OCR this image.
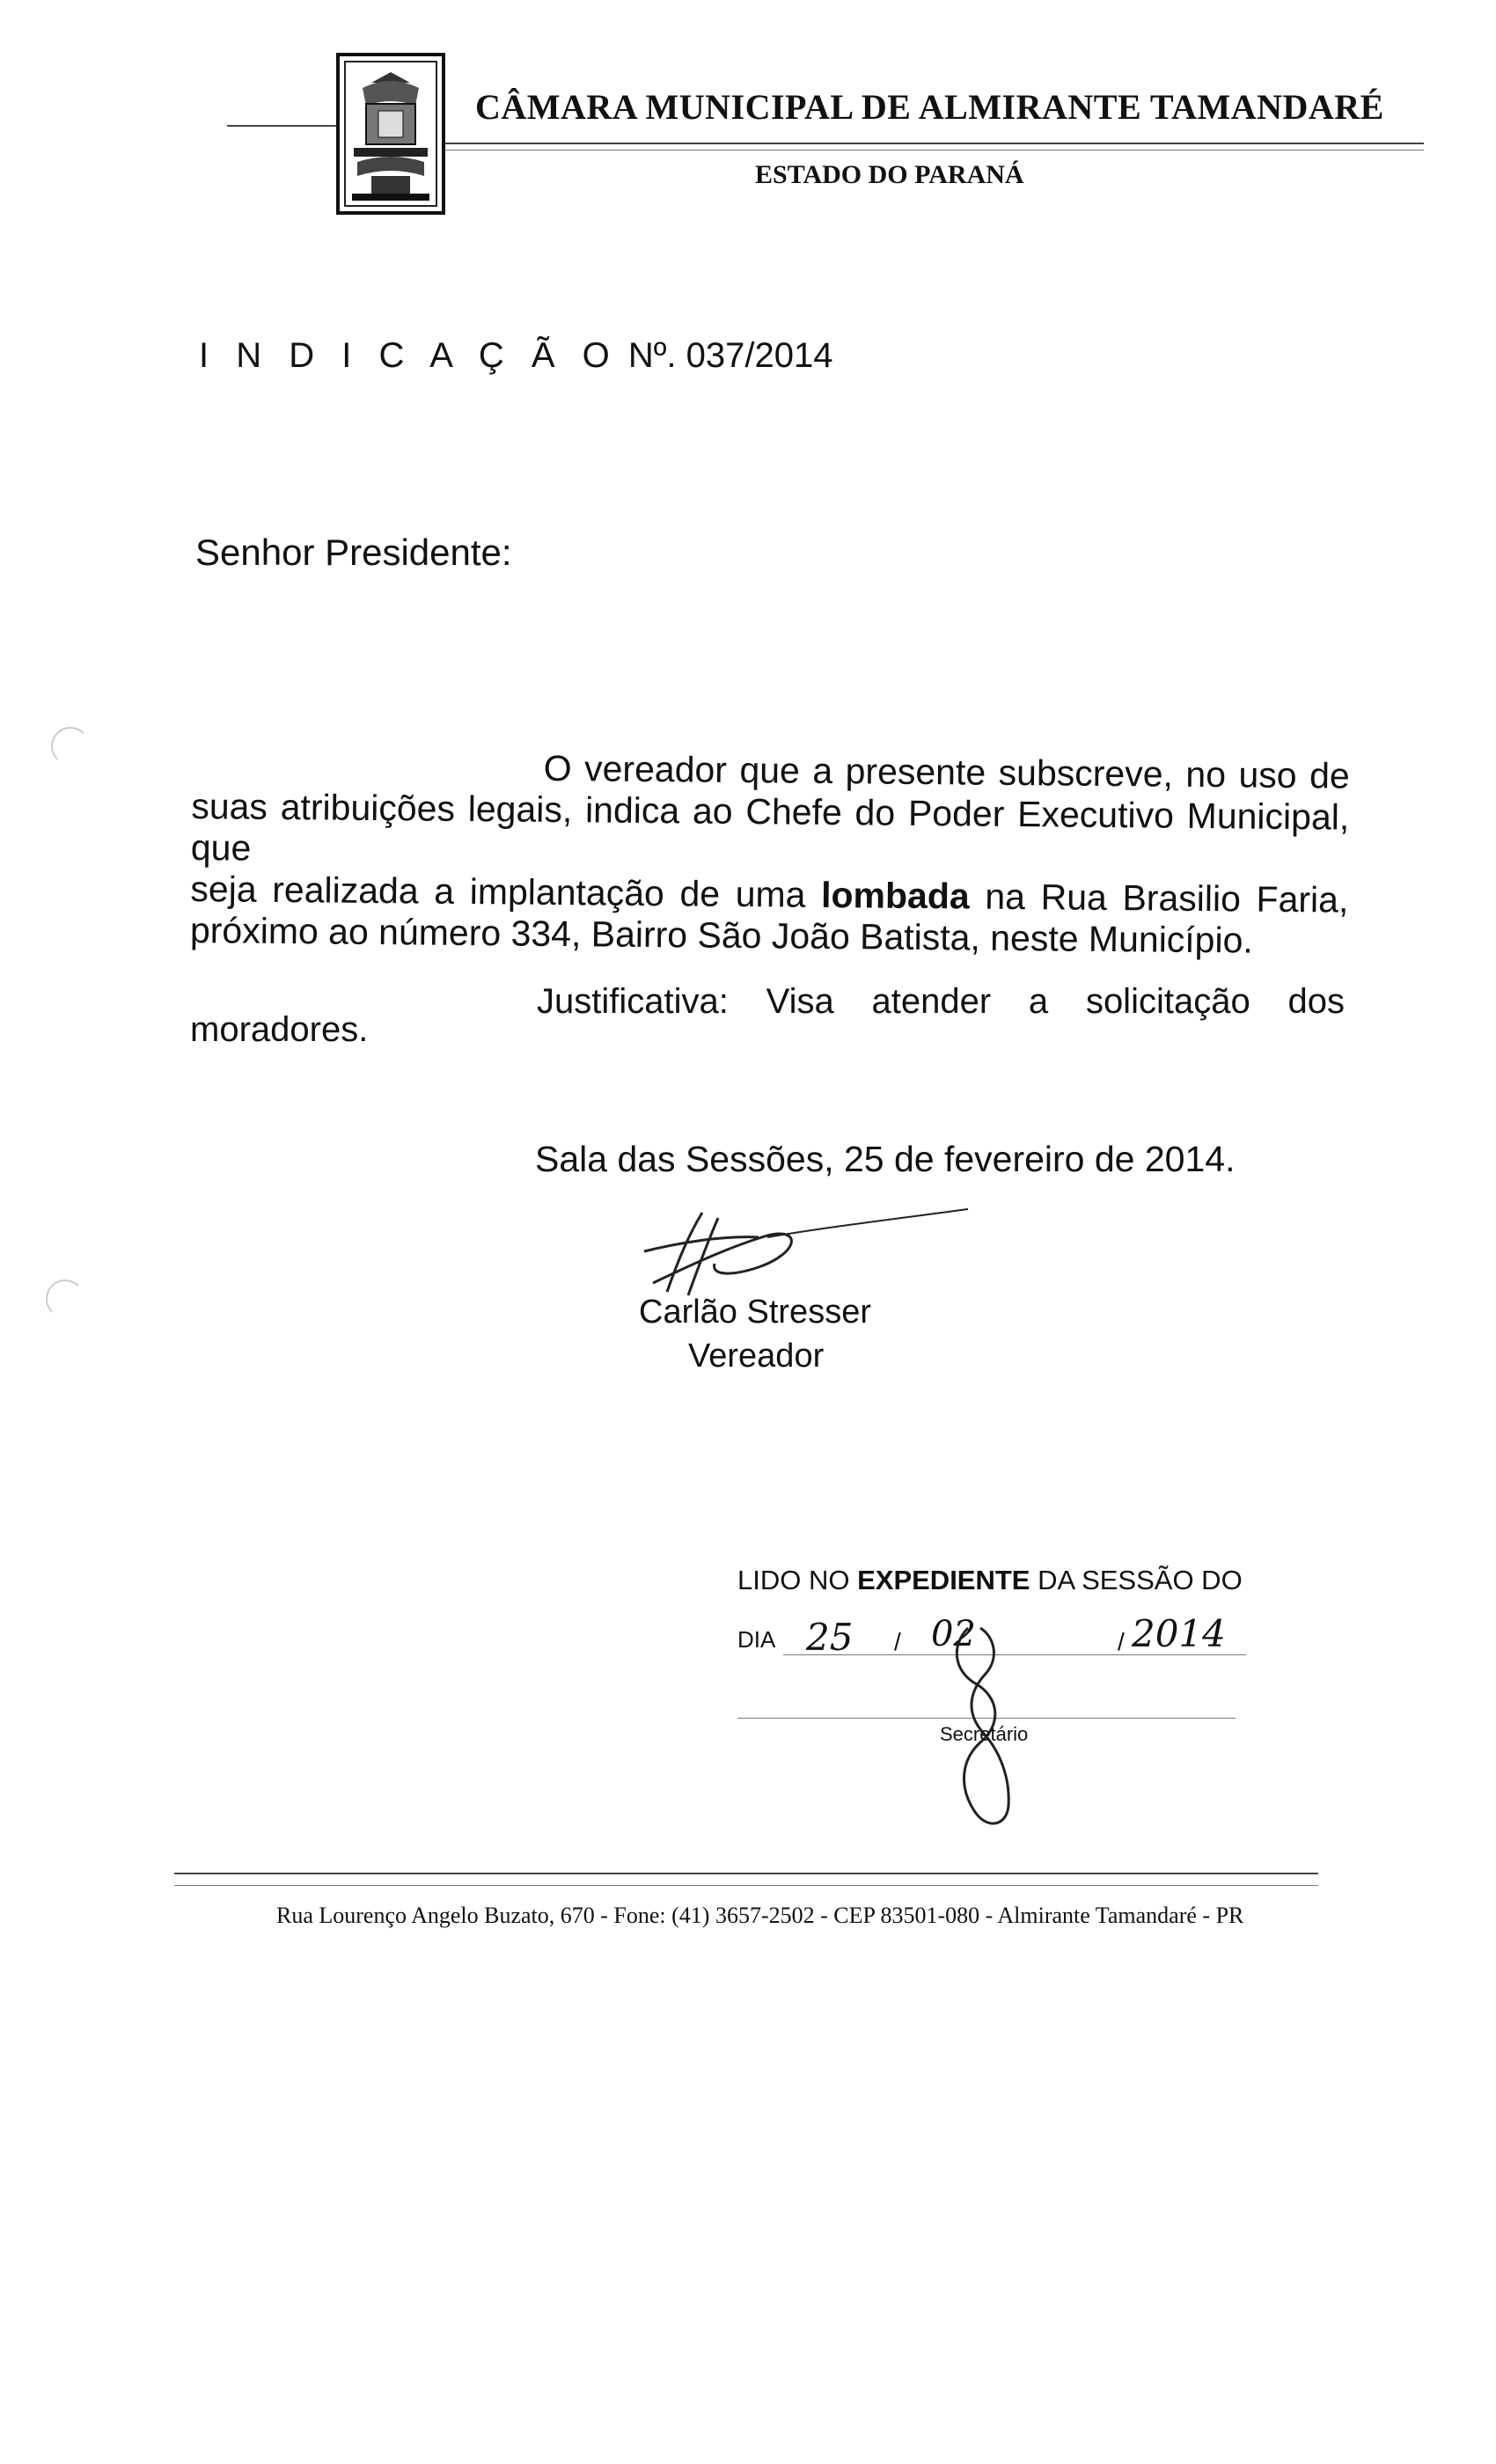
CÂMARA MUNICIPAL DE ALMIRANTE TAMANDARÉ
ESTADO DO PARANÁ
I N D I C A Ç Ã O Nº. 037/2014
Senhor Presidente:

O vereador que a presente subscreve, no uso de

suas atribuições legais, indica ao Chefe do Poder Executivo Municipal, que

seja realizada a implantação de uma lombada na Rua Brasilio Faria,

próximo ao número 334, Bairro São João Batista, neste Município.

Justificativa: Visa atender a solicitação dos
moradores.
Sala das Sessões, 25 de fevereiro de 2014.
Carlão Stresser
Vereador
LIDO NO EXPEDIENTE DA SESSÃO DO
DIA 25 / 02	/ 2014
Secretário
Rua Lourenço Angelo Buzato, 670 - Fone: (41) 3657-2502 - CEP 83501-080 - Almirante Tamandaré - PR
